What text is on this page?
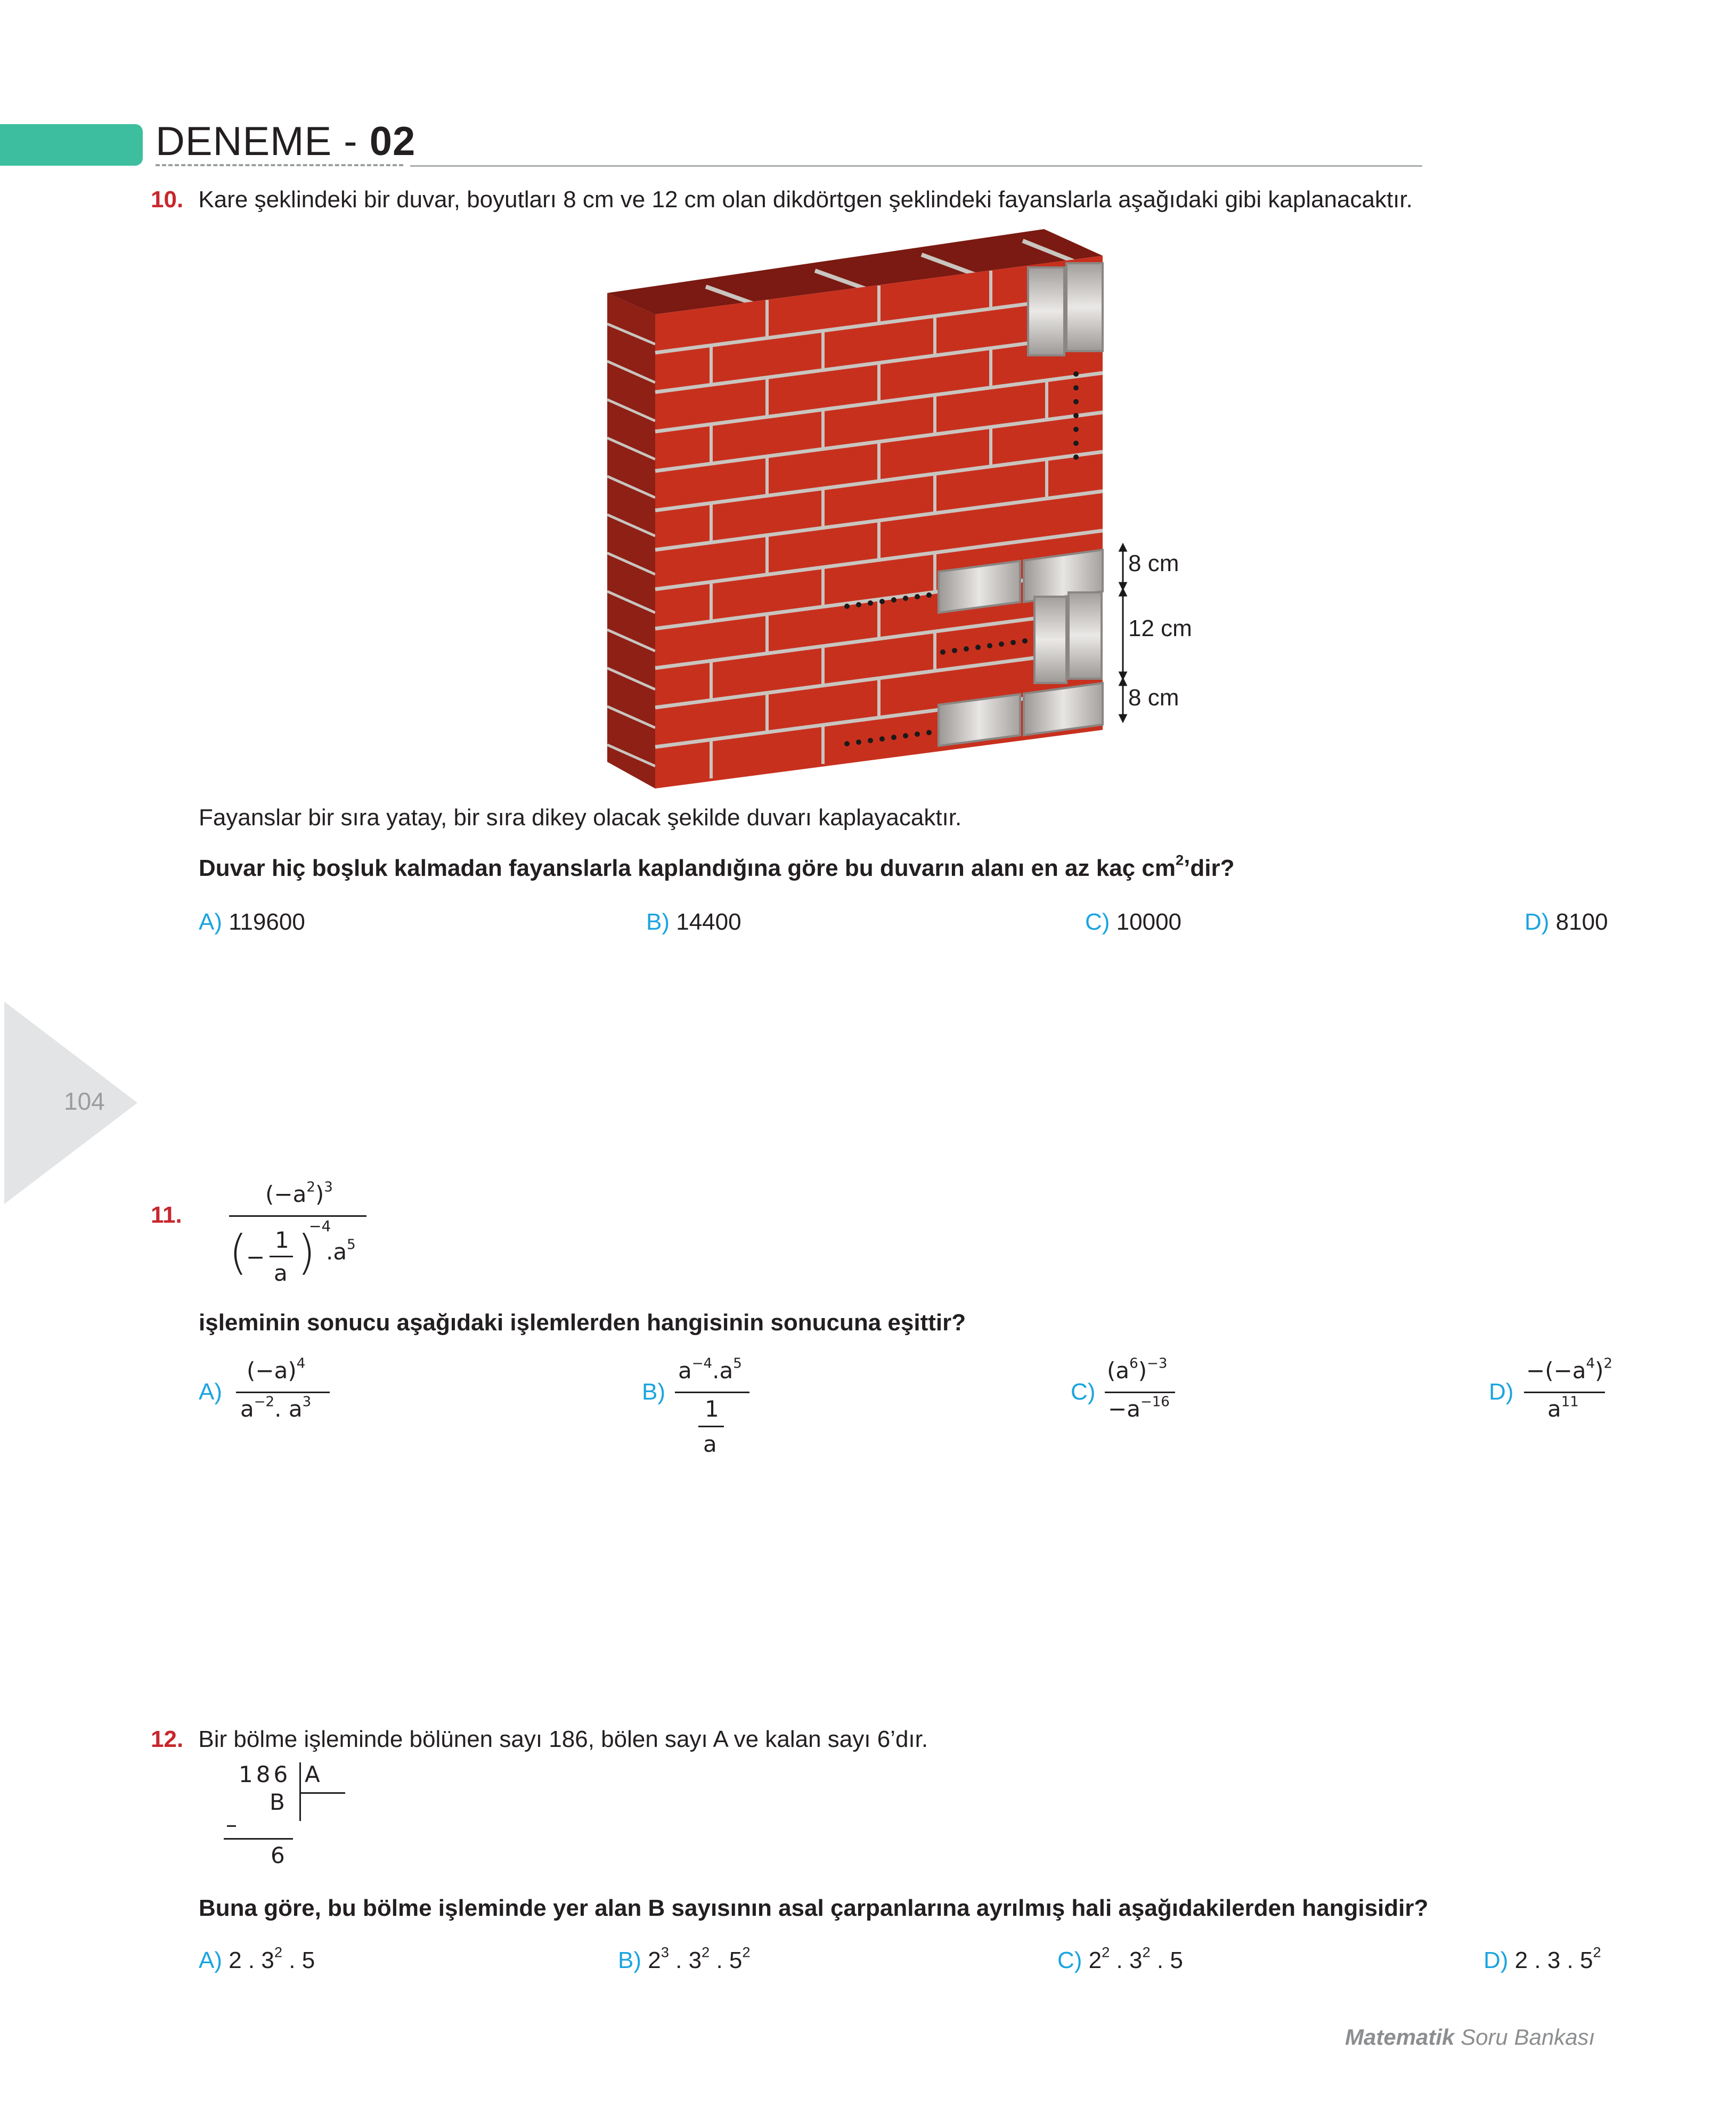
DENEME - 02
10. Kare şeklindeki bir duvar, boyutları 8 cm ve 12 cm olan dikdörtgen şeklindeki fayanslarla aşağıdaki gibi kaplanacaktır.
8 cm
12 cm
8 cm
Fayanslar bir sıra yatay, bir sıra dikey olacak şekilde duvarı kaplayacaktır.
Duvar hiç boşluk kalmadan fayanslarla kaplandığına göre bu duvarın alanı en az kaç $cm^2’dir$?
A) 119600	B) 14400	C) 10000	D) 8100
104
11.
$(-a^2)^3$
(
−
1
a )
−4
$.a^5$
işleminin sonucu aşağıdaki işlemlerden hangisinin sonucuna eşittir?
A)
$(-a)^4$
$a^{-2}$. $a^3$	B)
$a^{-4}.a^5$
1
a
C)
$(a^6)^{-3}$
$-a^{-16}$	D)
$-(-a^4)^2$
$a^{11}$
12. Bir bölme işleminde bölünen sayı 186, bölen sayı A ve kalan sayı 6’dır.
186 A
B
–
6
Buna göre, bu bölme işleminde yer alan B sayısının asal çarpanlarına ayrılmış hali aşağıdakilerden hangisidir?
A) 2 . $3^2$ . 5	B) $2^3$ . $3^2$ . $5^2$	C) $2^2$ . $3^2$ . 5	D) 2 . 3 . $5^2$
Matematik Soru Bankası
